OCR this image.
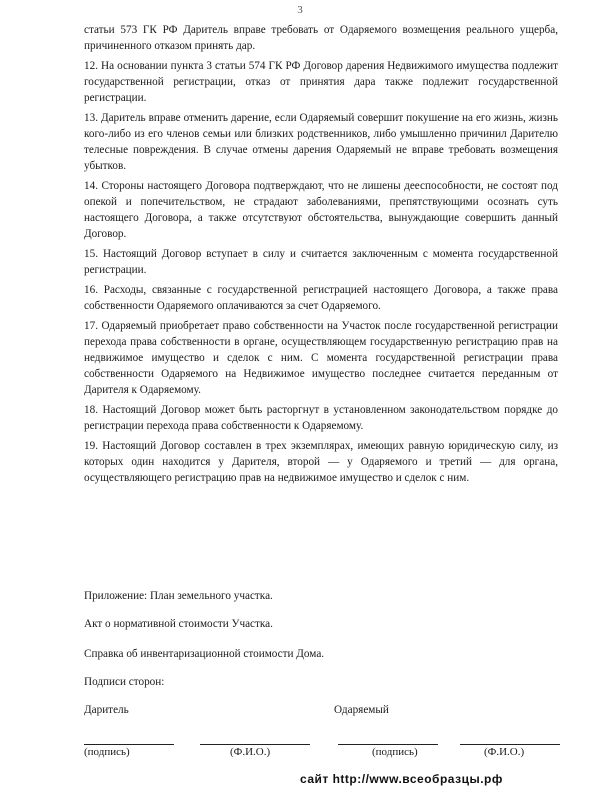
3

статьи 573 ГК РФ Даритель вправе требовать от Одаряемого возмещения реального ущерба, причиненного отказом принять дар.

12. На основании пункта 3 статьи 574 ГК РФ Договор дарения Недвижимого имущества подлежит государственной регистрации, отказ от принятия дара также подлежит государственной регистрации.

13. Даритель вправе отменить дарение, если Одаряемый совершит покушение на его жизнь, жизнь кого-либо из его членов семьи или близких родственников, либо умышленно причинил Дарителю телесные повреждения. В случае отмены дарения Одаряемый не вправе требовать возмещения убытков.

14. Стороны настоящего Договора подтверждают, что не лишены дееспособности, не состоят под опекой и попечительством, не страдают заболеваниями, препятствующими осознать суть настоящего Договора, а также отсутствуют обстоятельства, вынуждающие совершить данный Договор.

15. Настоящий Договор вступает в силу и считается заключенным с момента государственной регистрации.

16. Расходы, связанные с государственной регистрацией настоящего Договора, а также права собственности Одаряемого оплачиваются за счет Одаряемого.

17. Одаряемый приобретает право собственности на Участок после государственной регистрации перехода права собственности в органе, осуществляющем государственную регистрацию прав на недвижимое имущество и сделок с ним. С момента государственной регистрации права собственности Одаряемого на Недвижимое имущество последнее считается переданным от Дарителя к Одаряемому.

18. Настоящий Договор может быть расторгнут в установленном законодательством порядке до регистрации перехода права собственности к Одаряемому.

19. Настоящий Договор составлен в трех экземплярах, имеющих равную юридическую силу, из которых один находится у Дарителя, второй — у Одаряемого и третий — для органа, осуществляющего регистрацию прав на недвижимое имущество и сделок с ним.

Приложение: План земельного участка.

Акт о нормативной стоимости Участка.

Справка об инвентаризационной стоимости Дома.

Подписи сторон:

Даритель	Одаряемый
(подпись)	(Ф.И.О.)	(подпись)	(Ф.И.О.)
сайт http://www.всеобразцы.рф
